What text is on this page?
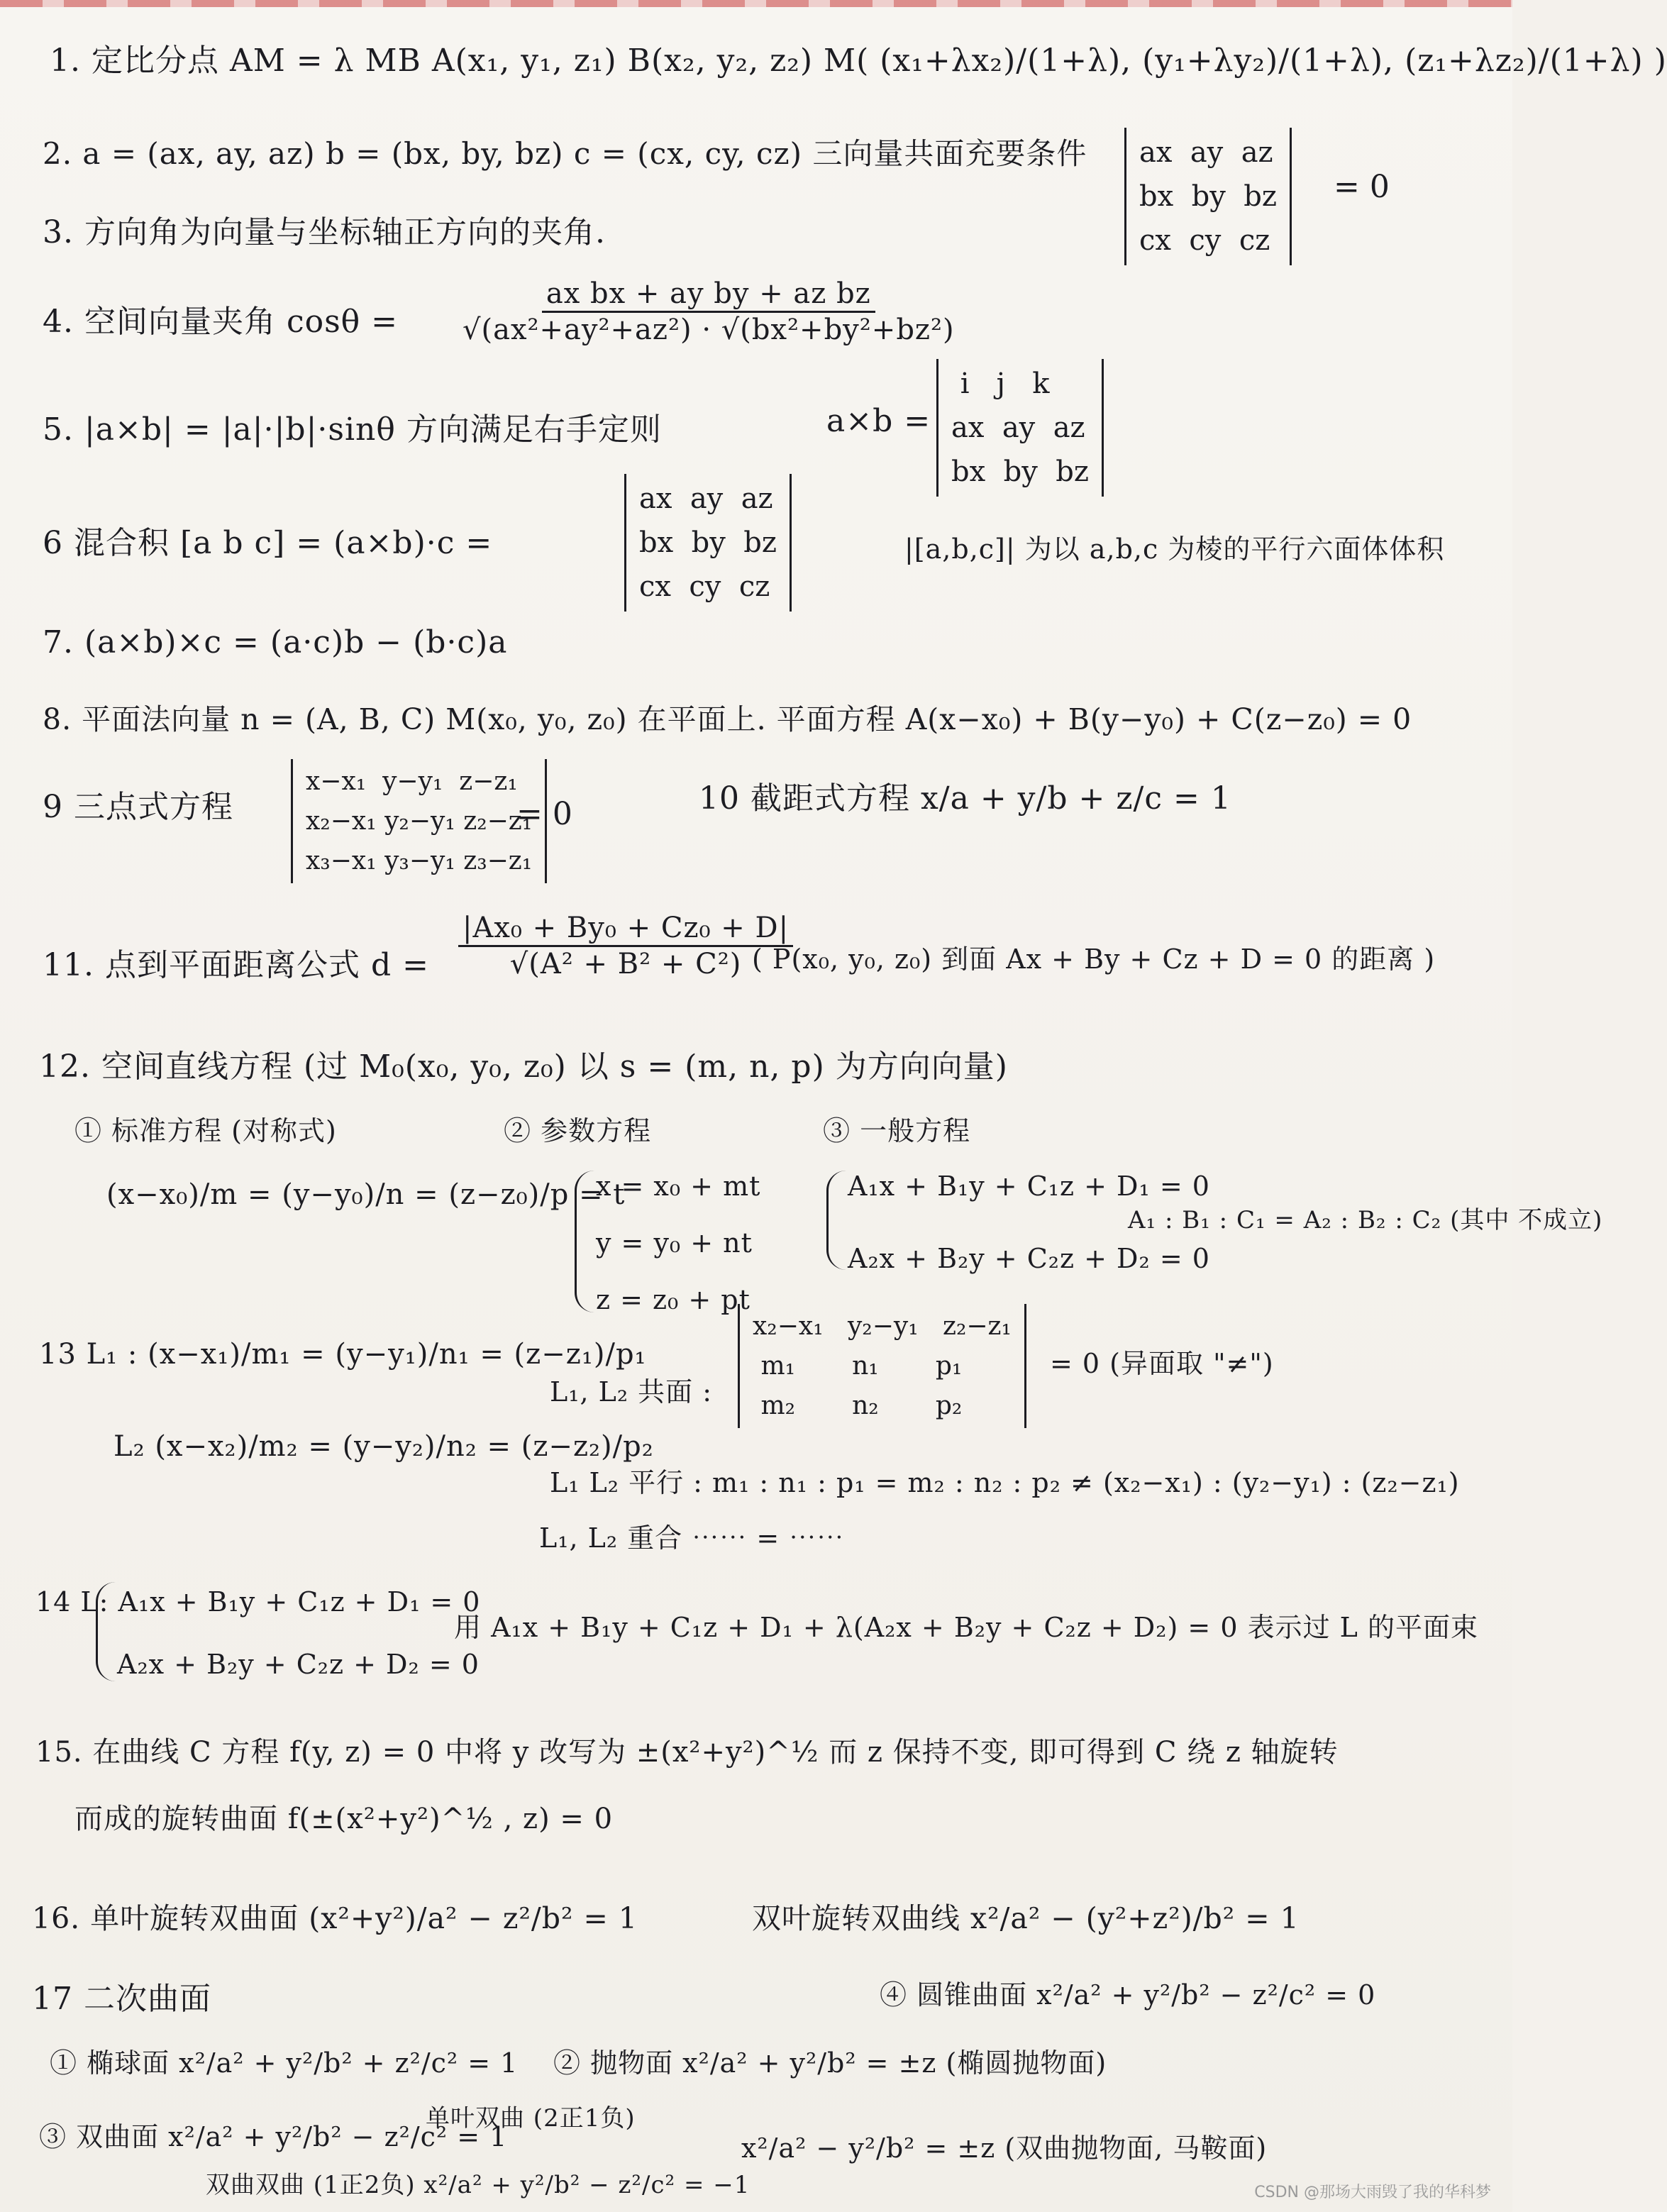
1. 定比分点 AM = λ MB A(x₁, y₁, z₁) B(x₂, y₂, z₂) M( (x₁+λx₂)/(1+λ), (y₁+λy₂)/(1+λ), (z₁+λz₂)/(1+λ) )
2. a = (ax, ay, az) b = (bx, by, bz) c = (cx, cy, cz) 三向量共面充要条件	ax  ay  az
bx  by  bz
cx  cy  cz
= 0
3. 方向角为向量与坐标轴正方向的夹角.
4. 空间向量夹角 $\cos\theta = \frac{\text{ax bx + ay by + az bz}}{\text{√(ax²+ay²+az²) · √(bx²+by²+bz²)}}$
5. |a×b| = |a|·|b|·sinθ 方向满足右手定则	a×b =
i   j   k
ax  ay  az
bx  by  bz
6 混合积 [a b c] = (a×b)·c =
ax  ay  az
bx  by  bz
cx  cy  cz
|[a,b,c]| 为以 a,b,c 为棱的平行六面体体积
7. (a×b)×c = (a·c)b − (b·c)a
8. 平面法向量 n = (A, B, C) M(x₀, y₀, z₀) 在平面上. 平面方程 A(x−x₀) + B(y−y₀) + C(z−z₀) = 0
9 三点式方程
x−x₁  y−y₁  z−z₁
x₂−x₁ y₂−y₁ z₂−z₁
x₃−x₁ y₃−y₁ z₃−z₁
= 0	10 截距式方程 x/a + y/b + z/c = 1
11. 点到平面距离公式 $d = \frac{\text{|Ax₀ + By₀ + Cz₀ + D|}}{\text{√(A² + B² + C²)}}$
( P(x₀, y₀, z₀) 到面 Ax + By + Cz + D = 0 的距离 )
12. 空间直线方程 (过 M₀(x₀, y₀, z₀) 以 s = (m, n, p) 为方向向量)
① 标准方程 (对称式)	② 参数方程	③ 一般方程
(x−x₀)/m = (y−y₀)/n = (z−z₀)/p = t
x = x₀ + mt
y = y₀ + nt
z = z₀ + pt
A₁x + B₁y + C₁z + D₁ = 0
A₂x + B₂y + C₂z + D₂ = 0
A₁ : B₁ : C₁ = A₂ : B₂ : C₂ (其中 不成立)
13 L₁ : (x−x₁)/m₁ = (y−y₁)/n₁ = (z−z₁)/p₁
L₂ (x−x₂)/m₂ = (y−y₂)/n₂ = (z−z₂)/p₂
L₁, L₂ 共面 :
x₂−x₁   y₂−y₁   z₂−z₁
m₁       n₁       p₁
m₂       n₂       p₂
= 0 (异面取 "≠")
L₁ L₂ 平行 : m₁ : n₁ : p₁ = m₂ : n₂ : p₂ ≠ (x₂−x₁) : (y₂−y₁) : (z₂−z₁)
L₁, L₂ 重合 ⋯⋯ = ⋯⋯
14 L: A₁x + B₁y + C₁z + D₁ = 0
A₂x + B₂y + C₂z + D₂ = 0
用 A₁x + B₁y + C₁z + D₁ + λ(A₂x + B₂y + C₂z + D₂) = 0 表示过 L 的平面束
15. 在曲线 C 方程 f(y, z) = 0 中将 y 改写为 ±(x²+y²)^½ 而 z 保持不变, 即可得到 C 绕 z 轴旋转
而成的旋转曲面 f(±(x²+y²)^½ , z) = 0
16. 单叶旋转双曲面 (x²+y²)/a² − z²/b² = 1	双叶旋转双曲线 x²/a² − (y²+z²)/b² = 1
17 二次曲面	④ 圆锥曲面 x²/a² + y²/b² − z²/c² = 0
① 椭球面 x²/a² + y²/b² + z²/c² = 1 ② 抛物面 x²/a² + y²/b² = ±z (椭圆抛物面)
③ 双曲面 x²/a² + y²/b² − z²/c² = 1
单叶双曲 (2正1负)
双曲双曲 (1正2负) x²/a² + y²/b² − z²/c² = −1
x²/a² − y²/b² = ±z (双曲抛物面, 马鞍面)
CSDN @那场大雨毁了我的华科梦
